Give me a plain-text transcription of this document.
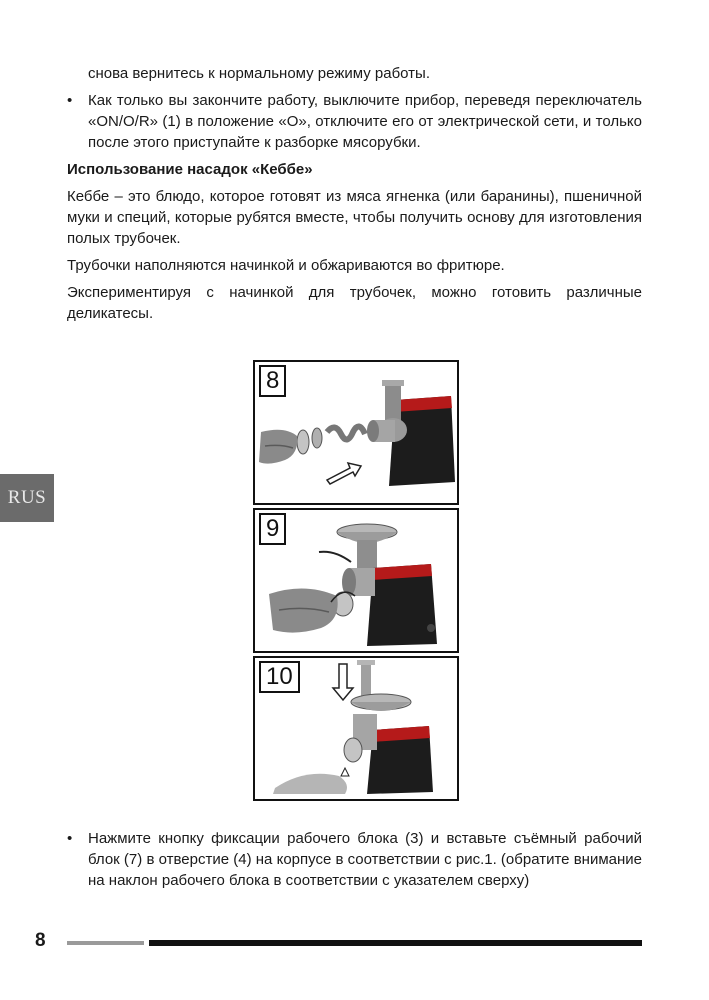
снова вернитесь к нормальному режиму работы.

• Как только вы закончите работу, выключите прибор, переведя переключатель «ON/O/R» (1) в положение «O», отключите его от электрической сети, и только после этого приступайте к разборке мясорубки.

Использование насадок «Кеббе»

Кеббе – это блюдо, которое готовят из мяса ягненка (или баранины), пшеничной муки и специй, которые рубятся вместе, чтобы получить основу для изготовления полых трубочек.

Трубочки наполняются начинкой и обжариваются во фритюре.

Экспериментируя с начинкой для трубочек, можно готовить различные деликатесы.

RUS
8
9
10
• Нажмите кнопку фиксации рабочего блока (3) и вставьте съёмный рабочий блок (7) в отверстие (4) на корпусе в соответствии с рис.1. (обратите внимание на наклон рабочего блока в соответствии с указателем сверху)

8
